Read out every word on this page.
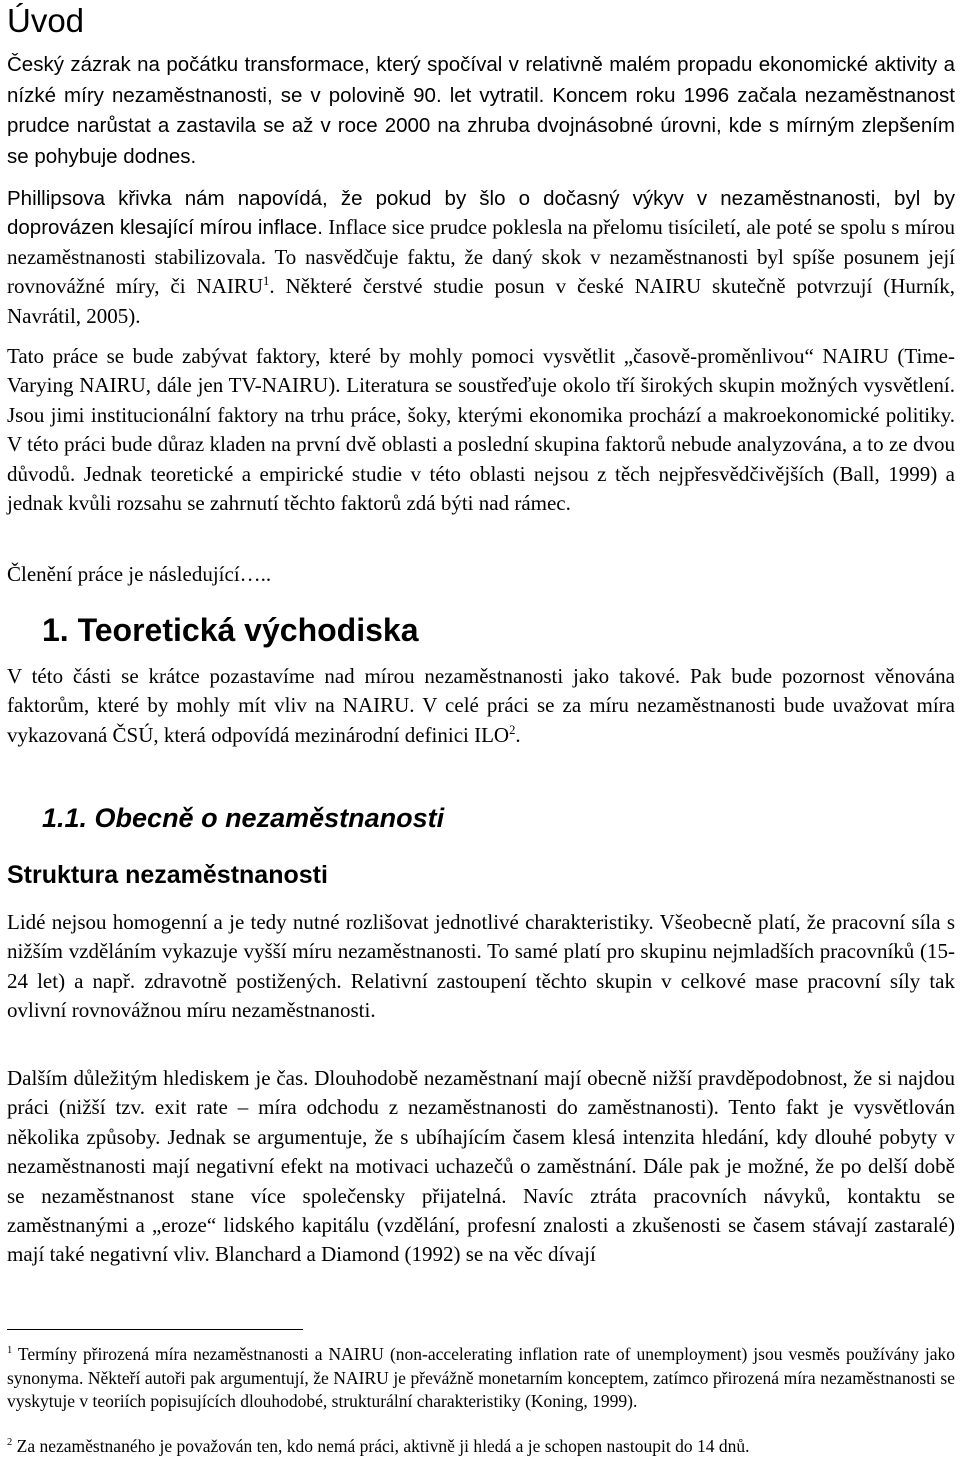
Úvod

Český zázrak na počátku transformace, který spočíval v relativně malém propadu ekonomické aktivity a nízké míry nezaměstnanosti, se v polovině 90. let vytratil. Koncem roku 1996 začala nezaměstnanost prudce narůstat a zastavila se až v roce 2000 na zhruba dvojnásobné úrovni, kde s mírným zlepšením se pohybuje dodnes.

Phillipsova křivka nám napovídá, že pokud by šlo o dočasný výkyv v nezaměstnanosti, byl by doprovázen klesající mírou inflace. Inflace sice prudce poklesla na přelomu tisíciletí, ale poté se spolu s mírou nezaměstnanosti stabilizovala. To nasvědčuje faktu, že daný skok v nezaměstnanosti byl spíše posunem její rovnovážné míry, či NAIRU$^1$. Některé čerstvé studie posun v české NAIRU skutečně potvrzují (Hurník, Navrátil, 2005).

Tato práce se bude zabývat faktory, které by mohly pomoci vysvětlit „časově-proměnlivou“ NAIRU (Time-Varying NAIRU, dále jen TV-NAIRU). Literatura se soustřeďuje okolo tří širokých skupin možných vysvětlení. Jsou jimi institucionální faktory na trhu práce, šoky, kterými ekonomika prochází a makroekonomické politiky. V této práci bude důraz kladen na první dvě oblasti a poslední skupina faktorů nebude analyzována, a to ze dvou důvodů. Jednak teoretické a empirické studie v této oblasti nejsou z těch nejpřesvědčivějších (Ball, 1999) a jednak kvůli rozsahu se zahrnutí těchto faktorů zdá býti nad rámec.

Členění práce je následující…..

1. Teoretická východiska

V této části se krátce pozastavíme nad mírou nezaměstnanosti jako takové. Pak bude pozornost věnována faktorům, které by mohly mít vliv na NAIRU. V celé práci se za míru nezaměstnanosti bude uvažovat míra vykazovaná ČSÚ, která odpovídá mezinárodní definici ILO$^2$.

1.1. Obecně o nezaměstnanosti
Struktura nezaměstnanosti

Lidé nejsou homogenní a je tedy nutné rozlišovat jednotlivé charakteristiky. Všeobecně platí, že pracovní síla s nižším vzděláním vykazuje vyšší míru nezaměstnanosti. To samé platí pro skupinu nejmladších pracovníků (15-24 let) a např. zdravotně postižených. Relativní zastoupení těchto skupin v celkové mase pracovní síly tak ovlivní rovnovážnou míru nezaměstnanosti.

Dalším důležitým hlediskem je čas. Dlouhodobě nezaměstnaní mají obecně nižší pravděpodobnost, že si najdou práci (nižší tzv. exit rate – míra odchodu z nezaměstnanosti do zaměstnanosti). Tento fakt je vysvětlován několika způsoby. Jednak se argumentuje, že s ubíhajícím časem klesá intenzita hledání, kdy dlouhé pobyty v nezaměstnanosti mají negativní efekt na motivaci uchazečů o zaměstnání. Dále pak je možné, že po delší době se nezaměstnanost stane více společensky přijatelná. Navíc ztráta pracovních návyků, kontaktu se zaměstnanými a „eroze“ lidského kapitálu (vzdělání, profesní znalosti a zkušenosti se časem stávají zastaralé) mají také negativní vliv. Blanchard a Diamond (1992) se na věc dívají

$^1$ Termíny přirozená míra nezaměstnanosti a NAIRU (non-accelerating inflation rate of unemployment) jsou vesměs používány jako synonyma. Někteří autoři pak argumentují, že NAIRU je převážně monetarním konceptem, zatímco přirozená míra nezaměstnanosti se vyskytuje v teoriích popisujících dlouhodobé, strukturální charakteristiky (Koning, 1999).

$^2$ Za nezaměstnaného je považován ten, kdo nemá práci, aktivně ji hledá a je schopen nastoupit do 14 dnů.
